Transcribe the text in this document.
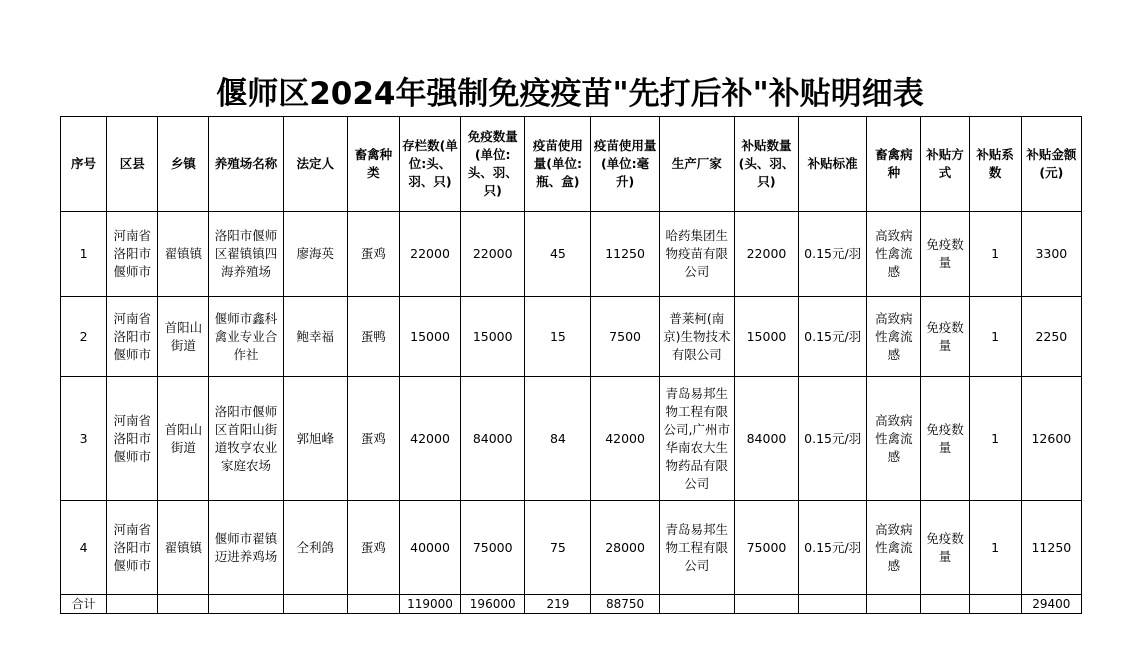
偃师区2024年强制免疫疫苗"先打后补"补贴明细表
序号	区县	乡镇	养殖场名称	法定人	畜禽种类	存栏数(单位:头、羽、只)	免疫数量(单位:头、羽、只)	疫苗使用量(单位:瓶、盒)	疫苗使用量(单位:毫升)	生产厂家	补贴数量(头、羽、只)	补贴标准	畜禽病种	补贴方式	补贴系数	补贴金额(元)
1	河南省洛阳市偃师市	翟镇镇	洛阳市偃师区翟镇镇四海养殖场	廖海英	蛋鸡	22000	22000	45	11250	哈药集团生物疫苗有限公司	22000	0.15元/羽	高致病性禽流感	免疫数量	1	3300
2	河南省洛阳市偃师市	首阳山街道	偃师市鑫科禽业专业合作社	鲍幸福	蛋鸭	15000	15000	15	7500	普莱柯(南京)生物技术有限公司	15000	0.15元/羽	高致病性禽流感	免疫数量	1	2250
3	河南省洛阳市偃师市	首阳山街道	洛阳市偃师区首阳山街道牧亨农业家庭农场	郭旭峰	蛋鸡	42000	84000	84	42000	青岛易邦生物工程有限公司,广州市华南农大生物药品有限公司	84000	0.15元/羽	高致病性禽流感	免疫数量	1	12600
4	河南省洛阳市偃师市	翟镇镇	偃师市翟镇迈进养鸡场	仝利鸽	蛋鸡	40000	75000	75	28000	青岛易邦生物工程有限公司	75000	0.15元/羽	高致病性禽流感	免疫数量	1	11250
合计						119000	196000	219	88750							29400
